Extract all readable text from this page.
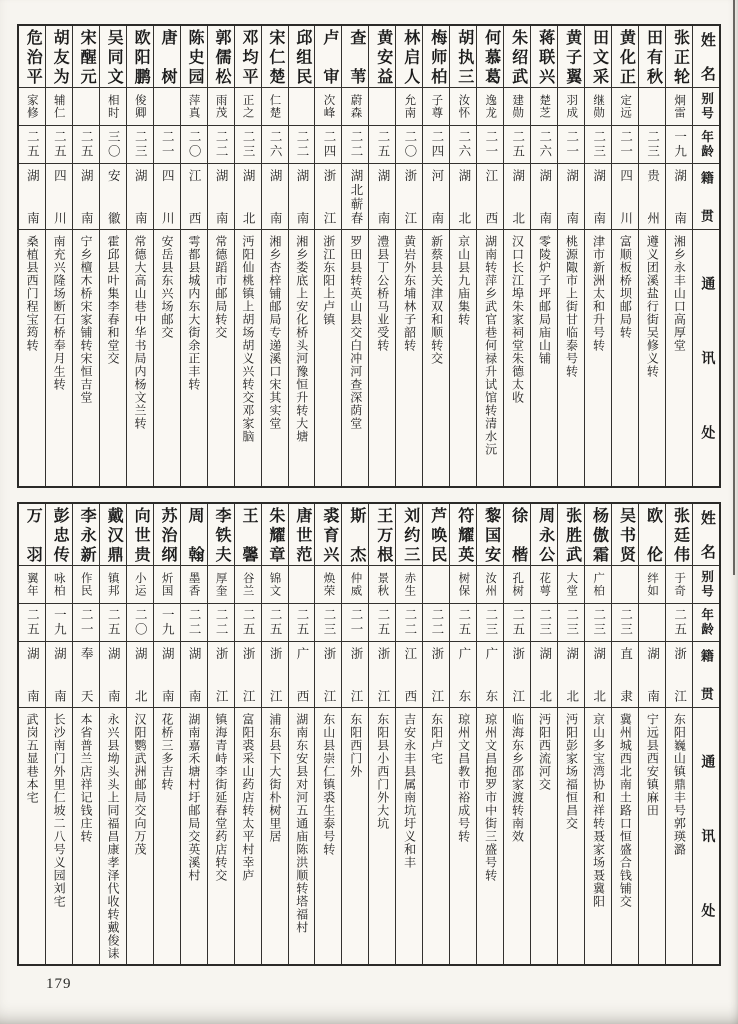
姓名
别号
年龄
籍贯
通讯处
张正轮
炯雷
一九
湖南
湘乡永丰山口高厚堂
田有秋
二三
贵州
遵义团溪盐行街吴修义转
黄化正
定远
二一
四川
富顺板桥坝邮局转
田文采
继勋
二三
湖南
津市新洲太和升号转
黄子翼
羽成
二一
湖南
桃源陬市上街甘临泰号转
蒋联兴
楚芝
二六
湖南
零陵炉子坪邮局庙山铺
朱绍武
建勋
二五
湖北
汉口长江埠朱家祠堂朱德太收
何慕葛
逸龙
二一
江西
湖南转萍乡武官巷何禄升试馆转清水沅
胡执三
汝怀
二六
湖北
京山县九庙集转
梅师柏
子尊
二四
河南
新蔡县关津双和顺转交
林启人
允南
二〇
浙江
黄岩外东埔林子韶转
黄安益
二五
湖南
澧县丁公桥马业受转
查苇
蔚森
二二
湖北蕲春
罗田县转英山县交白冲河查深荫堂
卢审
次峰
二四
浙江
浙江东阳上卢镇
邱组民
二二
湖南
湘乡娄底上安化桥头河豫恒升转大塘
宋仁楚
仁楚
二六
湖南
湘乡杏梓铺邮局专递溪口宋其实堂
邓均平
正之
二三
湖北
沔阳仙桃镇上胡场胡义兴转交邓家脑
郭儒松
雨茂
二二
湖南
常德蹈市邮局转交
陈史园
萍真
二〇
江西
雩都县城内东大街余正丰转
唐树
二一
四川
安岳县东兴场邮交
欧阳鹏
俊卿
二三
湖南
常德大高山巷中华书局内杨文兰转
吴同文
相时
三〇
安徽
霍邱县叶集李春和堂交
宋醒元
二五
湖南
宁乡檀木桥宋家铺转宋恒吉堂
胡友为
辅仁
二五
四川
南充兴隆场断石桥奉月生转
危治平
家修
二五
湖南
桑植县西门程宝筠转
姓名
别号
年龄
籍贯
通讯处
张廷伟
于奇
二五
浙江
东阳巍山镇鼎丰号郭瑛潞
欧伦
绊如
湖南
宁远县西安镇麻田
吴书贤
二三
直隶
冀州城西北南土路口恒盛合钱铺交
杨傲霜
广柏
二三
湖北
京山多宝湾协和祥转聂家场聂冀阳
张胜武
大堂
二三
湖北
沔阳彭家场福恒昌交
周永公
花萼
二三
湖北
沔阳西流河交
徐楷
孔树
二五
浙江
临海东乡邵家渡转南效
黎国安
汝州
二三
广东
琼州文昌抱罗市中街三盛号转
符耀英
树保
二五
广东
琼州文昌教市裕成号转
芦唤民
二二
浙江
东阳卢宅
刘约三
赤生
二二
江西
吉安永丰县属南坑圩义和丰
王万根
景秋
二五
浙江
东阳县小西门外大坑
斯杰
仲威
二一
浙江
东阳西门外
裘育兴
焕荣
二三
浙江
东山县崇仁镇裘生泰号转
唐世范
二五
广西
湖南东安县对河五通庙陈洪顺转塔福村
朱耀章
锦文
二五
浙江
浦东县下大街朴树里居
王馨
谷兰
二五
浙江
富阳裘采山药店转太平村幸庐
李铁夫
厚奎
二二
浙江
镇海青峙李街延春堂药店转交
周翰
墨香
二二
湖南
湖南嘉禾塘村圩邮局交英溪村
苏治纲
炘国
一九
湖南
花桥三多吉转
向世贵
小运
二〇
湖北
汉阳鹦武洲邮局交向万茂
戴汉鼎
镇邦
二五
湖南
永兴县坳头头上同福昌康孝泽代收转戴俊诔
李永新
作民
二一
奉天
本省普兰店祥记钱庄转
彭忠传
咏柏
一九
湖南
长沙南门外里仁坡二八号义园刘宅
万羽
翼年
二五
湖南
武岗五显巷本宅
179
